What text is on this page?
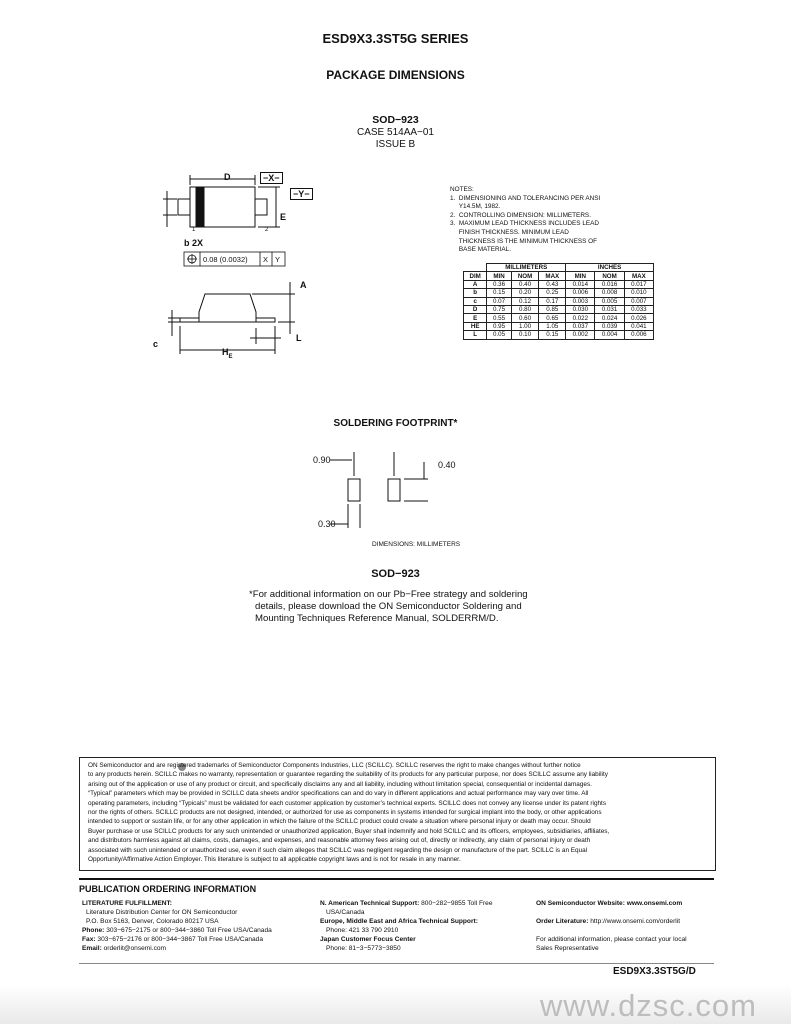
ESD9X3.3ST5G SERIES
PACKAGE DIMENSIONS
SOD−923
CASE 514AA−01
ISSUE B
D	−X−
−Y−
E
b 2X
1	2
0.08 (0.0032) X Y
A
c
$H_E$
L
NOTES:
1.  DIMENSIONING AND TOLERANCING PER ANSI
Y14.5M, 1982.
2.  CONTROLLING DIMENSION: MILLIMETERS.
3.  MAXIMUM LEAD THICKNESS INCLUDES LEAD
FINISH THICKNESS. MINIMUM LEAD
THICKNESS IS THE MINIMUM THICKNESS OF
BASE MATERIAL.
	MILLIMETERS			INCHES		
DIM	MIN	NOM	MAX	MIN	NOM	MAX
A	0.36	0.40	0.43	0.014	0.016	0.017
b	0.15	0.20	0.25	0.006	0.008	0.010
c	0.07	0.12	0.17	0.003	0.005	0.007
D	0.75	0.80	0.85	0.030	0.031	0.033
E	0.55	0.60	0.65	0.022	0.024	0.026
HE	0.95	1.00	1.05	0.037	0.039	0.041
L	0.05	0.10	0.15	0.002	0.004	0.006
SOLDERING FOOTPRINT*
0.90	0.40
0.30
DIMENSIONS: MILLIMETERS
SOD−923
*For additional information on our Pb−Free strategy and soldering
details, please download the ON Semiconductor Soldering and
Mounting Techniques Reference Manual, SOLDERRM/D.
ON Semiconductor and are registered trademarks of Semiconductor Components Industries, LLC (SCILLC). SCILLC reserves the right to make changes without further notice
to any products herein. SCILLC makes no warranty, representation or guarantee regarding the suitability of its products for any particular purpose, nor does SCILLC assume any liability
arising out of the application or use of any product or circuit, and specifically disclaims any and all liability, including without limitation special, consequential or incidental damages.
“Typical” parameters which may be provided in SCILLC data sheets and/or specifications can and do vary in different applications and actual performance may vary over time. All
operating parameters, including “Typicals” must be validated for each customer application by customer’s technical experts. SCILLC does not convey any license under its patent rights
nor the rights of others. SCILLC products are not designed, intended, or authorized for use as components in systems intended for surgical implant into the body, or other applications
intended to support or sustain life, or for any other application in which the failure of the SCILLC product could create a situation where personal injury or death may occur. Should
Buyer purchase or use SCILLC products for any such unintended or unauthorized application, Buyer shall indemnify and hold SCILLC and its officers, employees, subsidiaries, affiliates,
and distributors harmless against all claims, costs, damages, and expenses, and reasonable attorney fees arising out of, directly or indirectly, any claim of personal injury or death
associated with such unintended or unauthorized use, even if such claim alleges that SCILLC was negligent regarding the design or manufacture of the part. SCILLC is an Equal
Opportunity/Affirmative Action Employer. This literature is subject to all applicable copyright laws and is not for resale in any manner.
PUBLICATION ORDERING INFORMATION
LITERATURE FULFILLMENT:
Literature Distribution Center for ON Semiconductor
P.O. Box 5163, Denver, Colorado 80217 USA
Phone: 303−675−2175 or 800−344−3860 Toll Free USA/Canada
Fax: 303−675−2176 or 800−344−3867 Toll Free USA/Canada
Email: orderlit@onsemi.com
N. American Technical Support: 800−282−9855 Toll Free
USA/Canada
Europe, Middle East and Africa Technical Support:
Phone: 421 33 790 2910
Japan Customer Focus Center
Phone: 81−3−5773−3850
ON Semiconductor Website: www.onsemi.com
Order Literature: http://www.onsemi.com/orderlit
For additional information, please contact your local
Sales Representative
ESD9X3.3ST5G/D
www.dzsc.com
